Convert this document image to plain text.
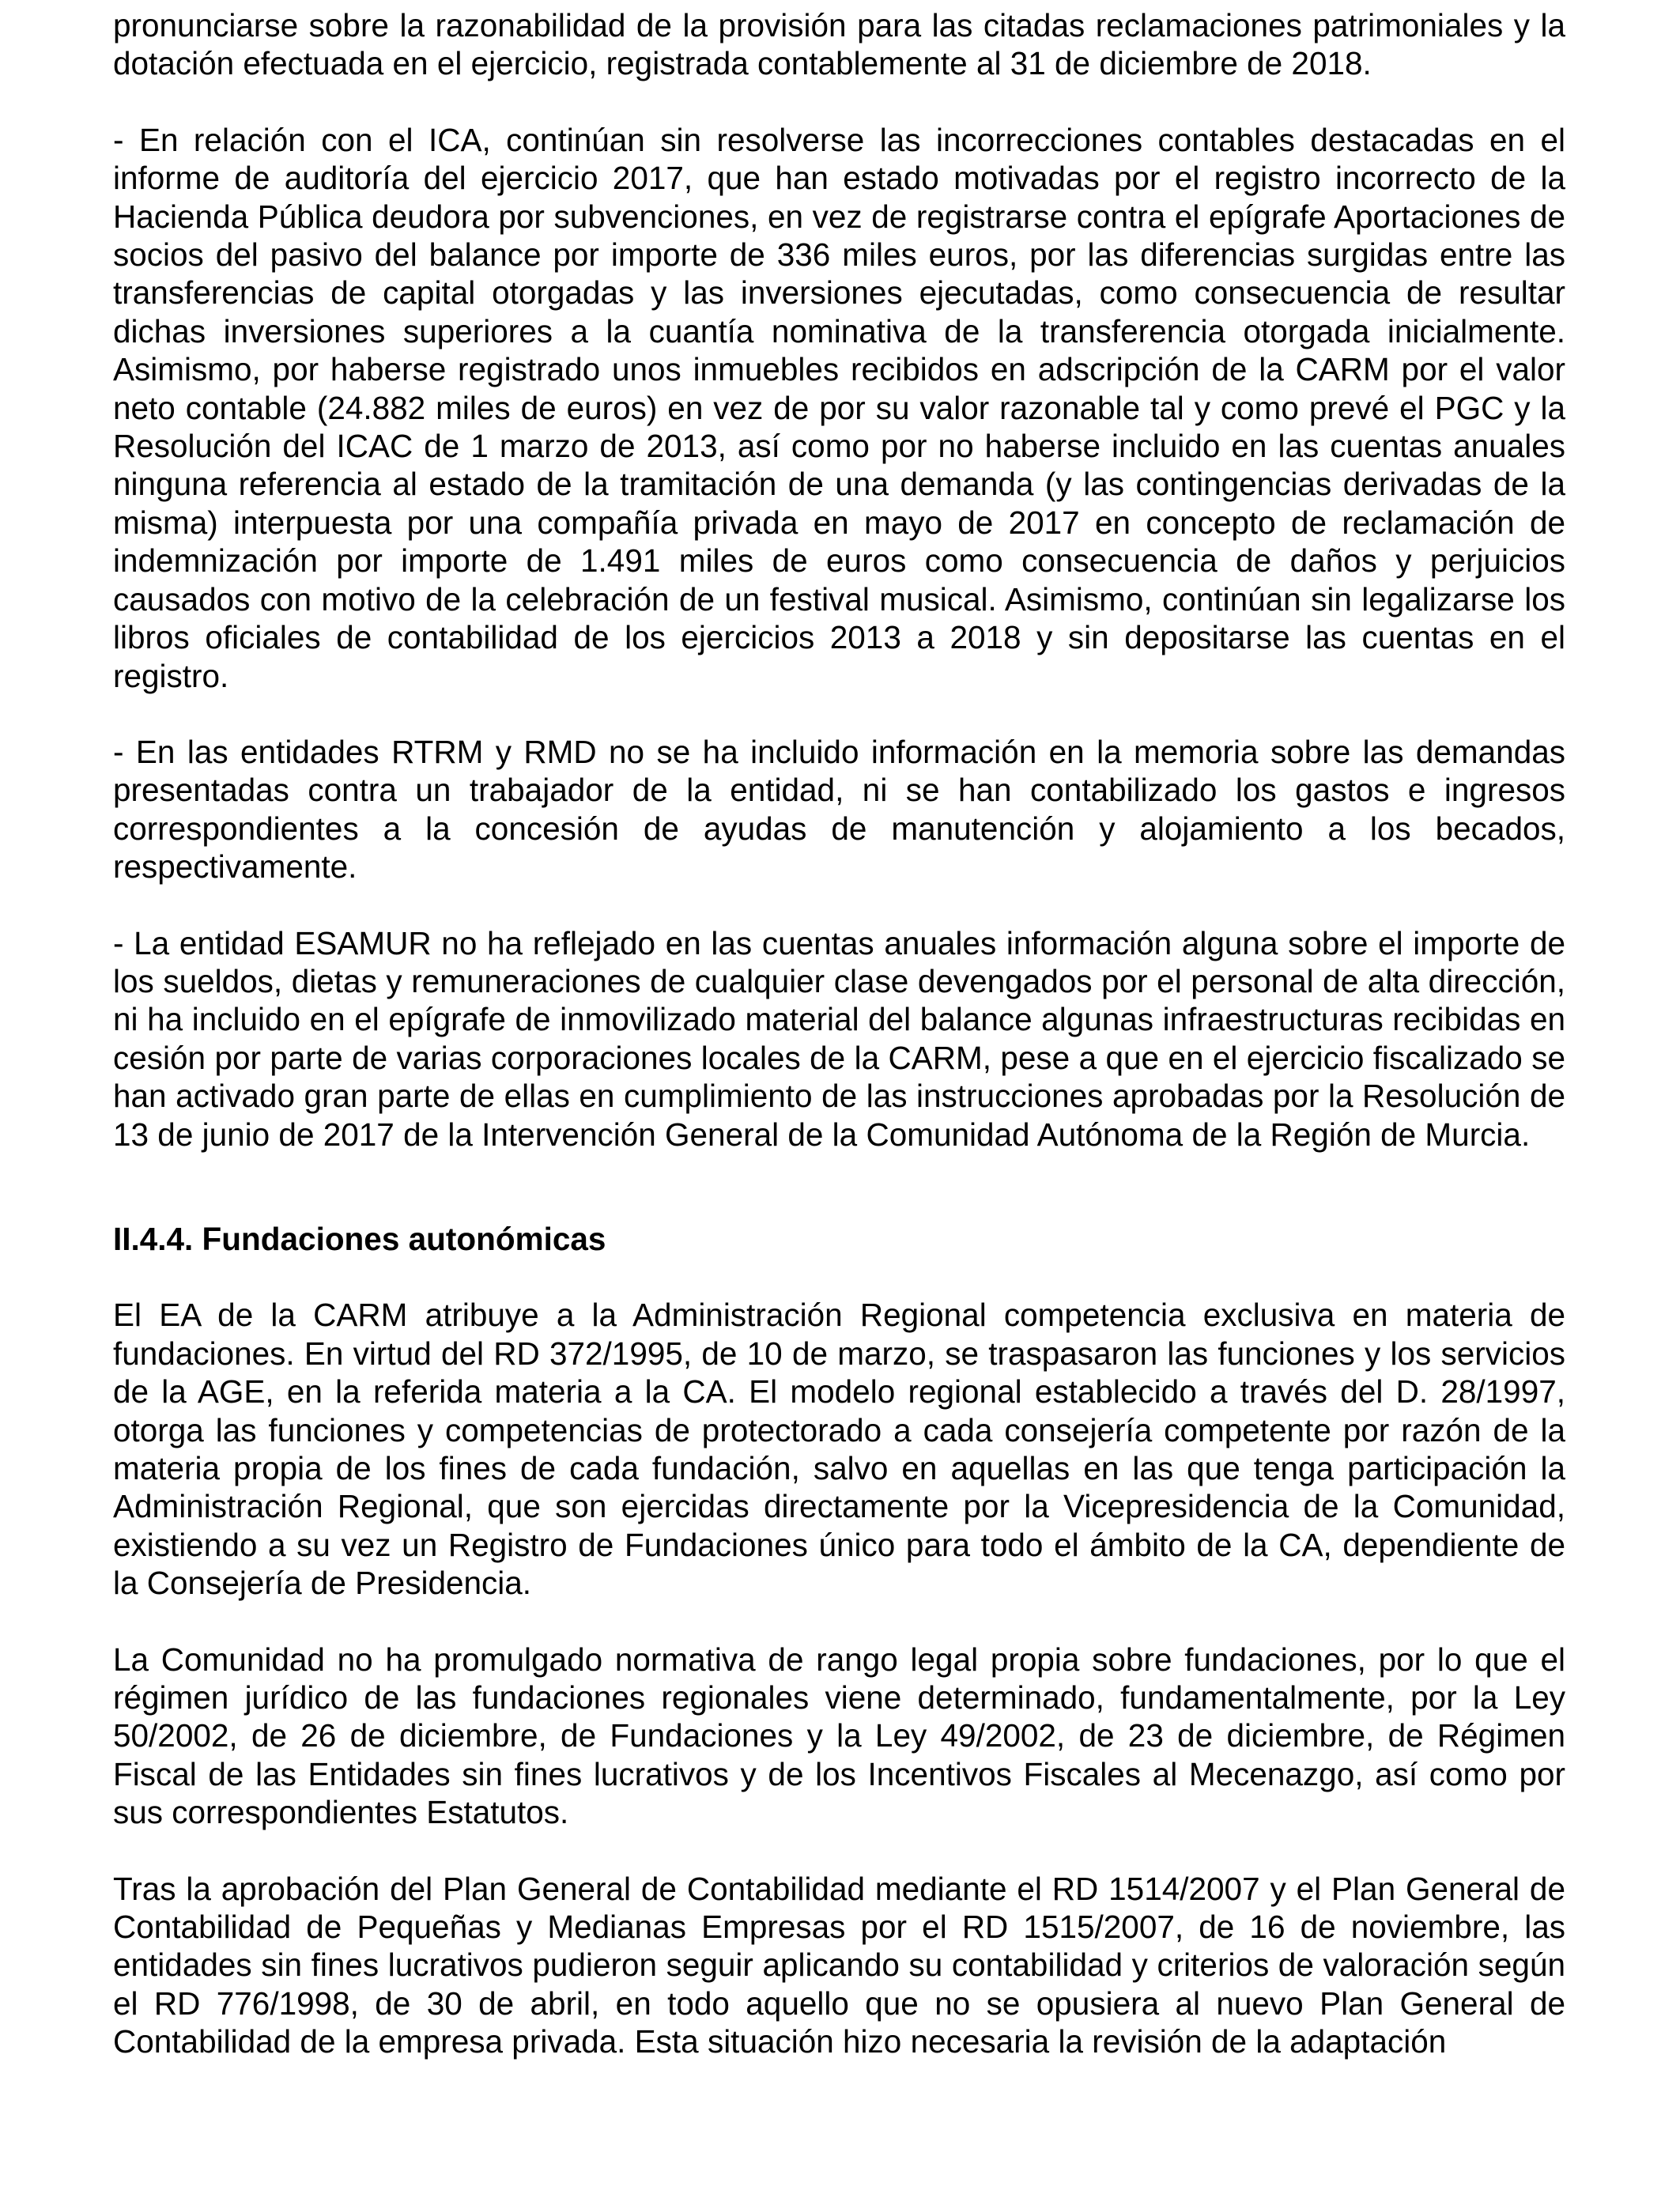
pronunciarse sobre la razonabilidad de la provisión para las citadas reclamaciones patrimoniales y la dotación efectuada en el ejercicio, registrada contablemente al 31 de diciembre de 2018.

- En relación con el ICA, continúan sin resolverse las incorrecciones contables destacadas en el informe de auditoría del ejercicio 2017, que han estado motivadas por el registro incorrecto de la Hacienda Pública deudora por subvenciones, en vez de registrarse contra el epígrafe Aportaciones de socios del pasivo del balance por importe de 336 miles euros, por las diferencias surgidas entre las transferencias de capital otorgadas y las inversiones ejecutadas, como consecuencia de resultar dichas inversiones superiores a la cuantía nominativa de la transferencia otorgada inicialmente. Asimismo, por haberse registrado unos inmuebles recibidos en adscripción de la CARM por el valor neto contable (24.882 miles de euros) en vez de por su valor razonable tal y como prevé el PGC y la Resolución del ICAC de 1 marzo de 2013, así como por no haberse incluido en las cuentas anuales ninguna referencia al estado de la tramitación de una demanda (y las contingencias derivadas de la misma) interpuesta por una compañía privada en mayo de 2017 en concepto de reclamación de indemnización por importe de 1.491 miles de euros como consecuencia de daños y perjuicios causados con motivo de la celebración de un festival musical. Asimismo, continúan sin legalizarse los libros oficiales de contabilidad de los ejercicios 2013 a 2018 y sin depositarse las cuentas en el registro.

- En las entidades RTRM y RMD no se ha incluido información en la memoria sobre las demandas presentadas contra un trabajador de la entidad, ni se han contabilizado los gastos e ingresos correspondientes a la concesión de ayudas de manutención y alojamiento a los becados, respectivamente.

- La entidad ESAMUR no ha reflejado en las cuentas anuales información alguna sobre el importe de los sueldos, dietas y remuneraciones de cualquier clase devengados por el personal de alta dirección, ni ha incluido en el epígrafe de inmovilizado material del balance algunas infraestructuras recibidas en cesión por parte de varias corporaciones locales de la CARM, pese a que en el ejercicio fiscalizado se han activado gran parte de ellas en cumplimiento de las instrucciones aprobadas por la Resolución de 13 de junio de 2017 de la Intervención General de la Comunidad Autónoma de la Región de Murcia.

II.4.4. Fundaciones autonómicas

El EA de la CARM atribuye a la Administración Regional competencia exclusiva en materia de fundaciones. En virtud del RD 372/1995, de 10 de marzo, se traspasaron las funciones y los servicios de la AGE, en la referida materia a la CA. El modelo regional establecido a través del D. 28/1997, otorga las funciones y competencias de protectorado a cada consejería competente por razón de la materia propia de los fines de cada fundación, salvo en aquellas en las que tenga participación la Administración Regional, que son ejercidas directamente por la Vicepresidencia de la Comunidad, existiendo a su vez un Registro de Fundaciones único para todo el ámbito de la CA, dependiente de la Consejería de Presidencia.

La Comunidad no ha promulgado normativa de rango legal propia sobre fundaciones, por lo que el régimen jurídico de las fundaciones regionales viene determinado, fundamentalmente, por la Ley 50/2002, de 26 de diciembre, de Fundaciones y la Ley 49/2002, de 23 de diciembre, de Régimen Fiscal de las Entidades sin fines lucrativos y de los Incentivos Fiscales al Mecenazgo, así como por sus correspondientes Estatutos.

Tras la aprobación del Plan General de Contabilidad mediante el RD 1514/2007 y el Plan General de Contabilidad de Pequeñas y Medianas Empresas por el RD 1515/2007, de 16 de noviembre, las entidades sin fines lucrativos pudieron seguir aplicando su contabilidad y criterios de valoración según el RD 776/1998, de 30 de abril, en todo aquello que no se opusiera al nuevo Plan General de Contabilidad de la empresa privada. Esta situación hizo necesaria la revisión de la adaptación
